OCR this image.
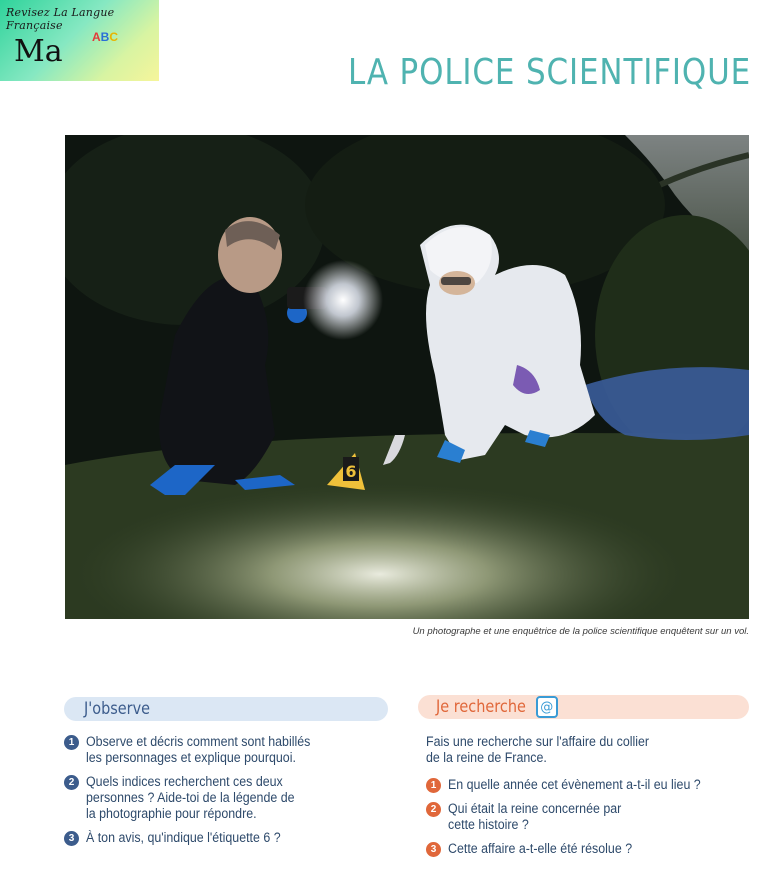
Revisez La Langue Française
Ma ABC
LA POLICE SCIENTIFIQUE
6
Un photographe et une enquêtrice de la police scientifique enquêtent sur un vol.
J'observe
1 Observe et décris comment sont habillés
les personnages et explique pourquoi.
2 Quels indices recherchent ces deux
personnes ? Aide-toi de la légende de
la photographie pour répondre.
3 À ton avis, qu'indique l'étiquette 6 ?
Je recherche	@
Fais une recherche sur l'affaire du collier
de la reine de France.
1 En quelle année cet évènement a-t-il eu lieu ?
2 Qui était la reine concernée par
cette histoire ?
3 Cette affaire a-t-elle été résolue ?
